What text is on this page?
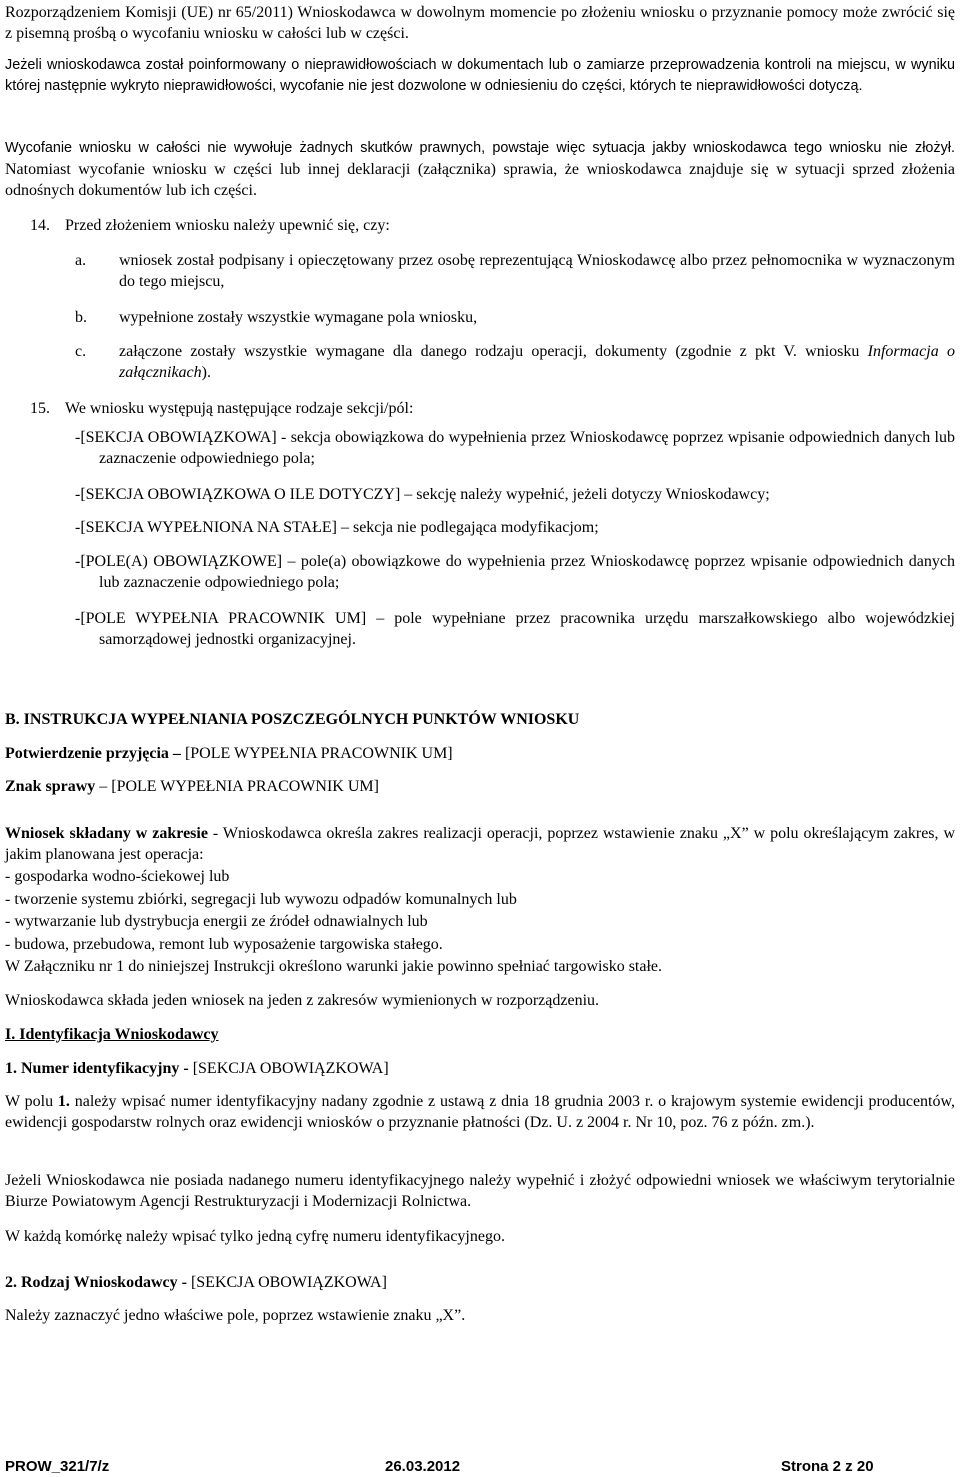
Rozporządzeniem Komisji (UE) nr 65/2011) Wnioskodawca w dowolnym momencie po złożeniu wniosku o przyznanie pomocy może zwrócić się z pisemną prośbą o wycofaniu wniosku w całości lub w części.

Jeżeli wnioskodawca został poinformowany o nieprawidłowościach w dokumentach lub o zamiarze przeprowadzenia kontroli na miejscu, w wyniku której następnie wykryto nieprawidłowości, wycofanie nie jest dozwolone w odniesieniu do części, których te nieprawidłowości dotyczą.

Wycofanie wniosku w całości nie wywołuje żadnych skutków prawnych, powstaje więc sytuacja jakby wnioskodawca tego wniosku nie złożył. Natomiast wycofanie wniosku w części lub innej deklaracji (załącznika) sprawia, że wnioskodawca znajduje się w sytuacji sprzed złożenia odnośnych dokumentów lub ich części.

14. Przed złożeniem wniosku należy upewnić się, czy:
a.	wniosek został podpisany i opieczętowany przez osobę reprezentującą Wnioskodawcę albo przez pełnomocnika w wyznaczonym do tego miejscu,
b.	wypełnione zostały wszystkie wymagane pola wniosku,
c.	załączone zostały wszystkie wymagane dla danego rodzaju operacji, dokumenty (zgodnie z pkt V. wniosku Informacja o załącznikach).
15. We wniosku występują następujące rodzaje sekcji/pól:
-[SEKCJA OBOWIĄZKOWA] - sekcja obowiązkowa do wypełnienia przez Wnioskodawcę poprzez wpisanie odpowiednich danych lub zaznaczenie odpowiedniego pola;
-[SEKCJA OBOWIĄZKOWA O ILE DOTYCZY] – sekcję należy wypełnić, jeżeli dotyczy Wnioskodawcy;
-[SEKCJA WYPEŁNIONA NA STAŁE] – sekcja nie podlegająca modyfikacjom;
-[POLE(A) OBOWIĄZKOWE] – pole(a) obowiązkowe do wypełnienia przez Wnioskodawcę poprzez wpisanie odpowiednich danych lub zaznaczenie odpowiedniego pola;
-[POLE WYPEŁNIA PRACOWNIK UM] – pole wypełniane przez pracownika urzędu marszałkowskiego albo wojewódzkiej samorządowej jednostki organizacyjnej.

B. INSTRUKCJA WYPEŁNIANIA POSZCZEGÓLNYCH PUNKTÓW WNIOSKU

Potwierdzenie przyjęcia – [POLE WYPEŁNIA PRACOWNIK UM]

Znak sprawy – [POLE WYPEŁNIA PRACOWNIK UM]

Wniosek składany w zakresie - Wnioskodawca określa zakres realizacji operacji, poprzez wstawienie znaku „X” w polu określającym zakres, w jakim planowana jest operacja:

- gospodarka wodno-ściekowej lub
- tworzenie systemu zbiórki, segregacji lub wywozu odpadów komunalnych lub
- wytwarzanie lub dystrybucja energii ze źródeł odnawialnych lub
- budowa, przebudowa, remont lub wyposażenie targowiska stałego.
W Załączniku nr 1 do niniejszej Instrukcji określono warunki jakie powinno spełniać targowisko stałe.

Wnioskodawca składa jeden wniosek na jeden z zakresów wymienionych w rozporządzeniu.

I. Identyfikacja Wnioskodawcy

1. Numer identyfikacyjny - [SEKCJA OBOWIĄZKOWA]

W polu 1. należy wpisać numer identyfikacyjny nadany zgodnie z ustawą z dnia 18 grudnia 2003 r. o krajowym systemie ewidencji producentów, ewidencji gospodarstw rolnych oraz ewidencji wniosków o przyznanie płatności (Dz. U. z 2004 r. Nr 10, poz. 76 z późn. zm.).

Jeżeli Wnioskodawca nie posiada nadanego numeru identyfikacyjnego należy wypełnić i złożyć odpowiedni wniosek we właściwym terytorialnie Biurze Powiatowym Agencji Restrukturyzacji i Modernizacji Rolnictwa.

W każdą komórkę należy wpisać tylko jedną cyfrę numeru identyfikacyjnego.

2. Rodzaj Wnioskodawcy - [SEKCJA OBOWIĄZKOWA]

Należy zaznaczyć jedno właściwe pole, poprzez wstawienie znaku „X”.

PROW_321/7/z	26.03.2012	Strona 2 z 20
